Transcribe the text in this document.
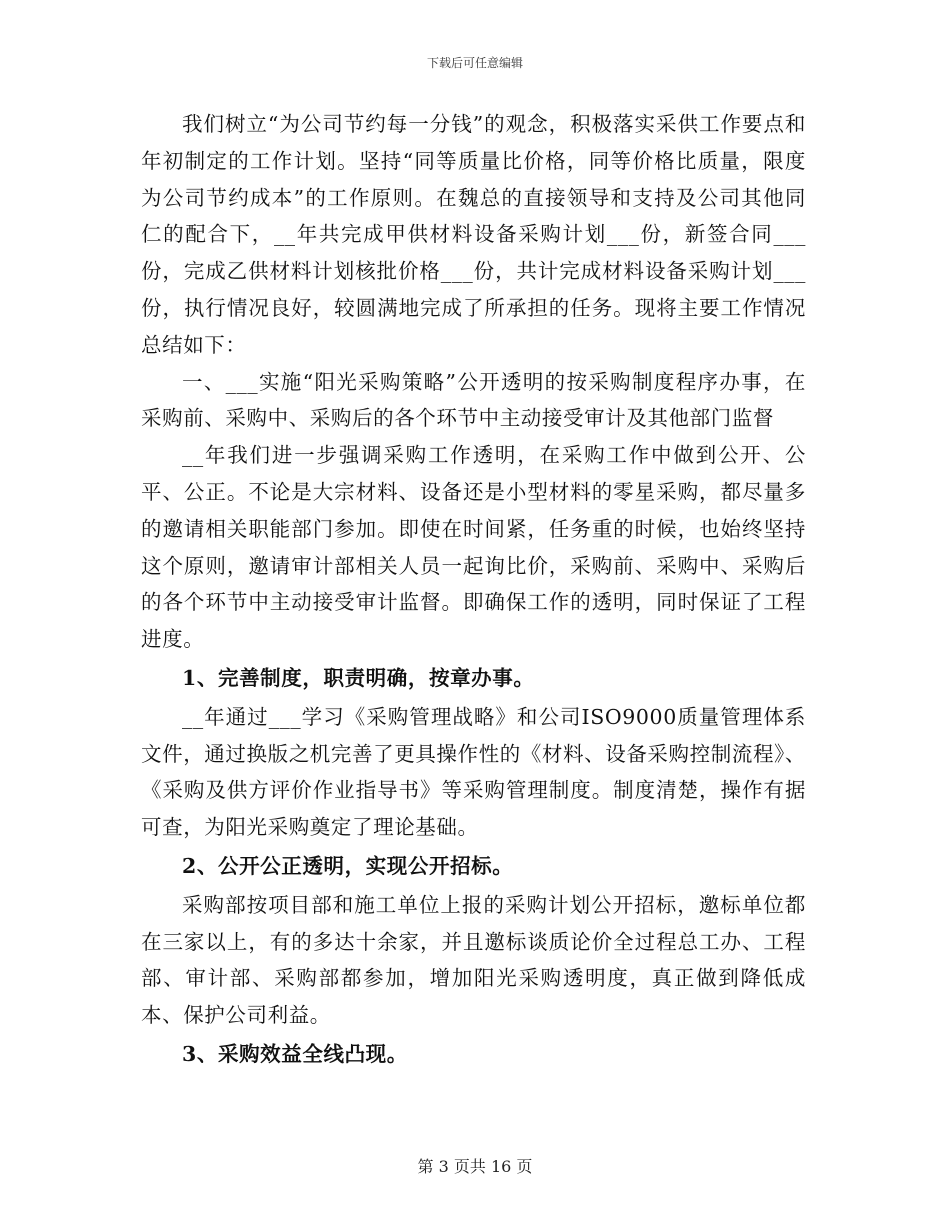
下载后可任意编辑

我们树立“为公司节约每一分钱”的观念，积极落实采供工作要点和年初制定的工作计划。坚持“同等质量比价格，同等价格比质量，限度为公司节约成本”的工作原则。在魏总的直接领导和支持及公司其他同仁的配合下，__年共完成甲供材料设备采购计划___份，新签合同___份，完成乙供材料计划核批价格___份，共计完成材料设备采购计划___份，执行情况良好，较圆满地完成了所承担的任务。现将主要工作情况总结如下：

一、___实施“阳光采购策略”公开透明的按采购制度程序办事，在采购前、采购中、采购后的各个环节中主动接受审计及其他部门监督

__年我们进一步强调采购工作透明，在采购工作中做到公开、公平、公正。不论是大宗材料、设备还是小型材料的零星采购，都尽量多的邀请相关职能部门参加。即使在时间紧，任务重的时候，也始终坚持这个原则，邀请审计部相关人员一起询比价，采购前、采购中、采购后的各个环节中主动接受审计监督。即确保工作的透明，同时保证了工程进度。

1、完善制度，职责明确，按章办事。

__年通过___学习《采购管理战略》和公司ISO9000质量管理体系文件，通过换版之机完善了更具操作性的《材料、设备采购控制流程》、《采购及供方评价作业指导书》等采购管理制度。制度清楚，操作有据可查，为阳光采购奠定了理论基础。

2、公开公正透明，实现公开招标。

采购部按项目部和施工单位上报的采购计划公开招标，邀标单位都在三家以上，有的多达十余家，并且邀标谈质论价全过程总工办、工程部、审计部、采购部都参加，增加阳光采购透明度，真正做到降低成本、保护公司利益。

3、采购效益全线凸现。

第 3 页共 16 页
